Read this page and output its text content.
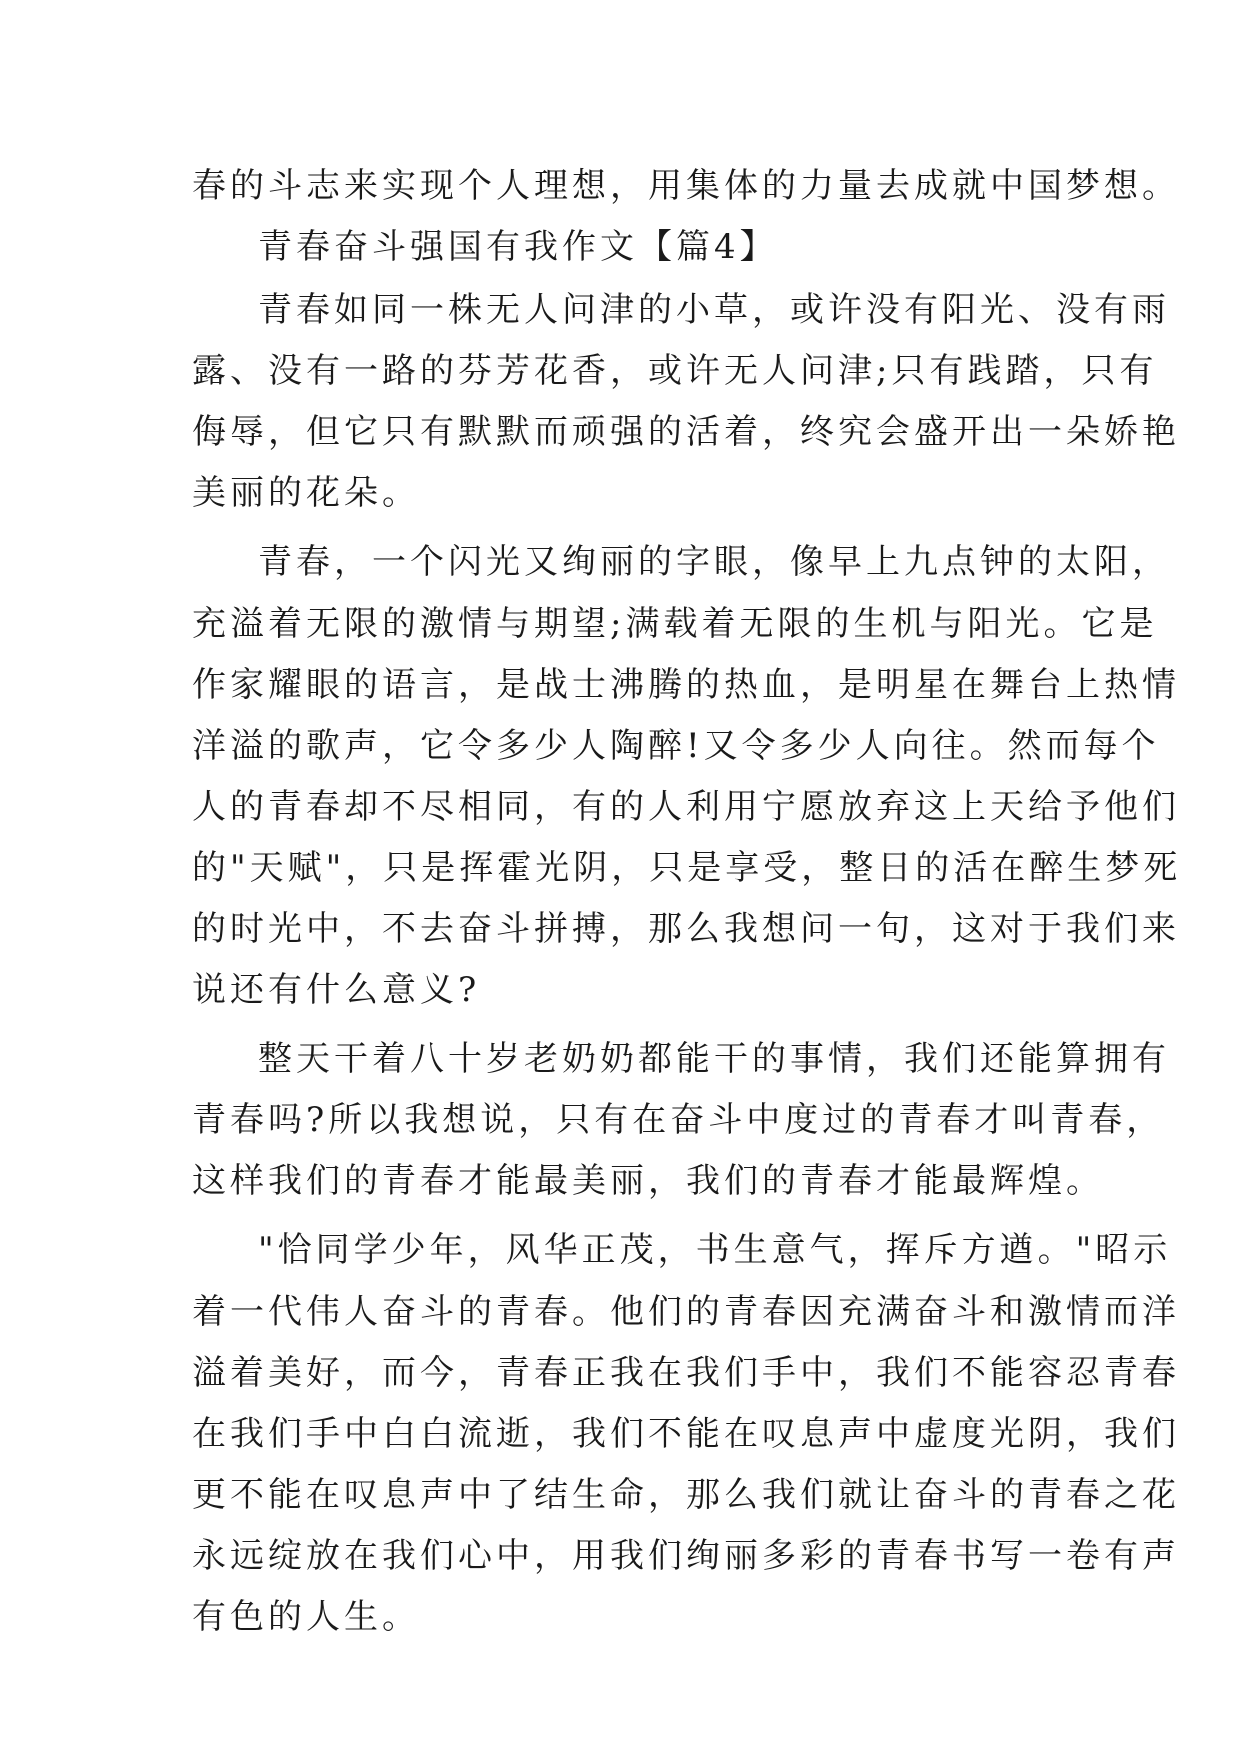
春的斗志来实现个人理想，用集体的力量去成就中国梦想。
青春奋斗强国有我作文【篇4】
青春如同一株无人问津的小草，或许没有阳光、没有雨
露、没有一路的芬芳花香，或许无人问津;只有践踏，只有
侮辱，但它只有默默而顽强的活着，终究会盛开出一朵娇艳
美丽的花朵。
青春，一个闪光又绚丽的字眼，像早上九点钟的太阳，
充溢着无限的激情与期望;满载着无限的生机与阳光。它是
作家耀眼的语言，是战士沸腾的热血，是明星在舞台上热情
洋溢的歌声，它令多少人陶醉!又令多少人向往。然而每个
人的青春却不尽相同，有的人利用宁愿放弃这上天给予他们
的"天赋"，只是挥霍光阴，只是享受，整日的活在醉生梦死
的时光中，不去奋斗拼搏，那么我想问一句，这对于我们来
说还有什么意义?
整天干着八十岁老奶奶都能干的事情，我们还能算拥有
青春吗?所以我想说，只有在奋斗中度过的青春才叫青春，
这样我们的青春才能最美丽，我们的青春才能最辉煌。
"恰同学少年，风华正茂，书生意气，挥斥方遒。"昭示
着一代伟人奋斗的青春。他们的青春因充满奋斗和激情而洋
溢着美好，而今，青春正我在我们手中，我们不能容忍青春
在我们手中白白流逝，我们不能在叹息声中虚度光阴，我们
更不能在叹息声中了结生命，那么我们就让奋斗的青春之花
永远绽放在我们心中，用我们绚丽多彩的青春书写一卷有声
有色的人生。
